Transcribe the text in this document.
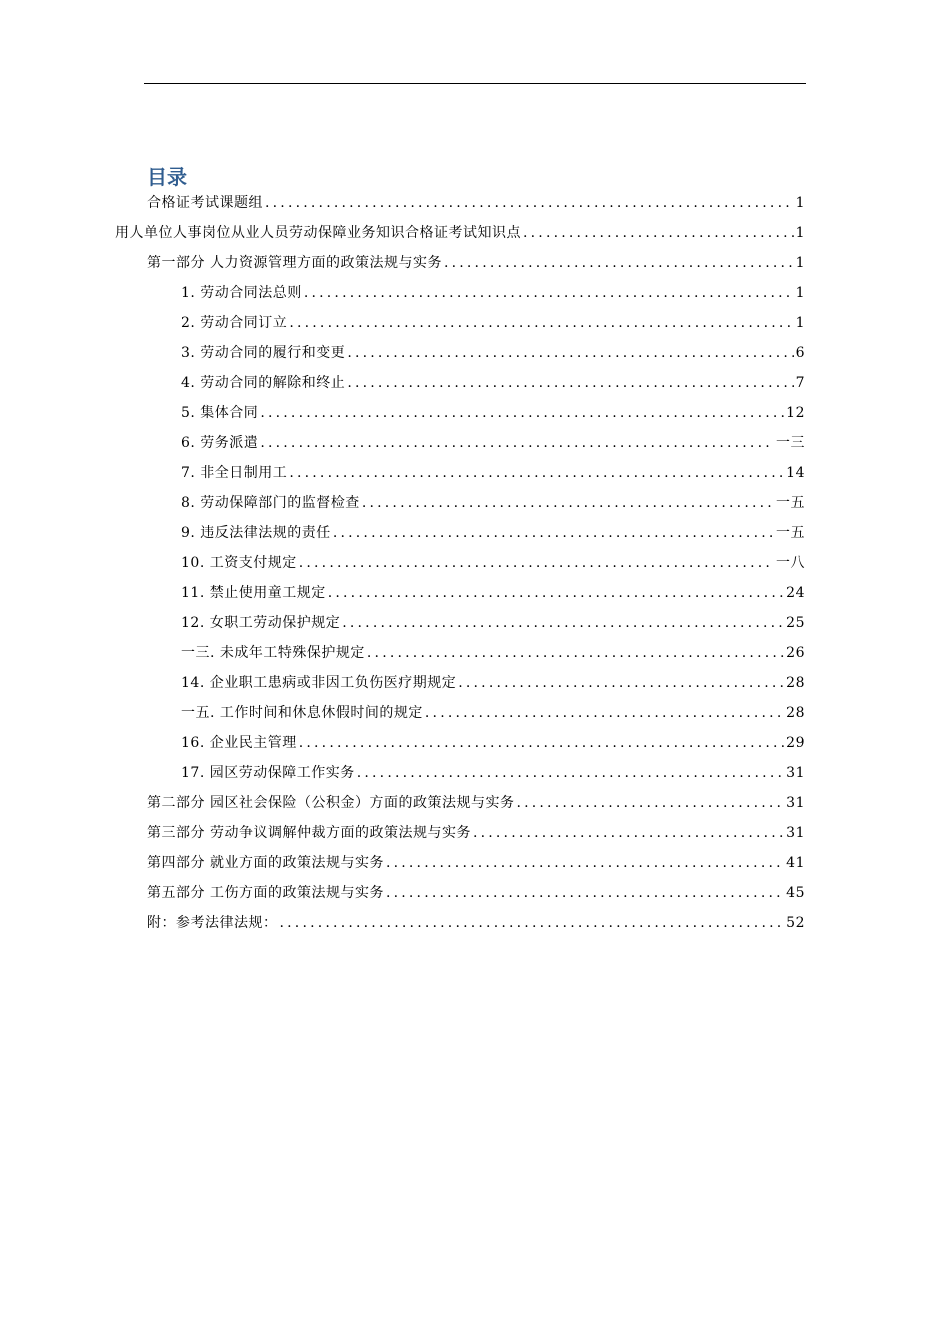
目录
合格证考试课题组 .....	1
用人单位人事岗位从业人员劳动保障业务知识合格证考试知识点 .....	1
第一部分 人力资源管理方面的政策法规与实务 .....	1
1. 劳动合同法总则 .....	1
2. 劳动合同订立 .....	1
3. 劳动合同的履行和变更 .....	6
4. 劳动合同的解除和终止 .....	7
5. 集体合同 .....	12
6. 劳务派遣 .....	一三
7. 非全日制用工 .....	14
8. 劳动保障部门的监督检查 .....	一五
9. 违反法律法规的责任 .....	一五
10. 工资支付规定 .....	一八
11. 禁止使用童工规定 .....	24
12. 女职工劳动保护规定 .....	25
一三. 未成年工特殊保护规定 .....	26
14. 企业职工患病或非因工负伤医疗期规定 .....	28
一五. 工作时间和休息休假时间的规定 .....	28
16. 企业民主管理 .....	29
17. 园区劳动保障工作实务 .....	31
第二部分 园区社会保险（公积金）方面的政策法规与实务 .....	31
第三部分 劳动争议调解仲裁方面的政策法规与实务 .....	31
第四部分 就业方面的政策法规与实务 .....	41
第五部分 工伤方面的政策法规与实务 .....	45
附：参考法律法规： .....	52
